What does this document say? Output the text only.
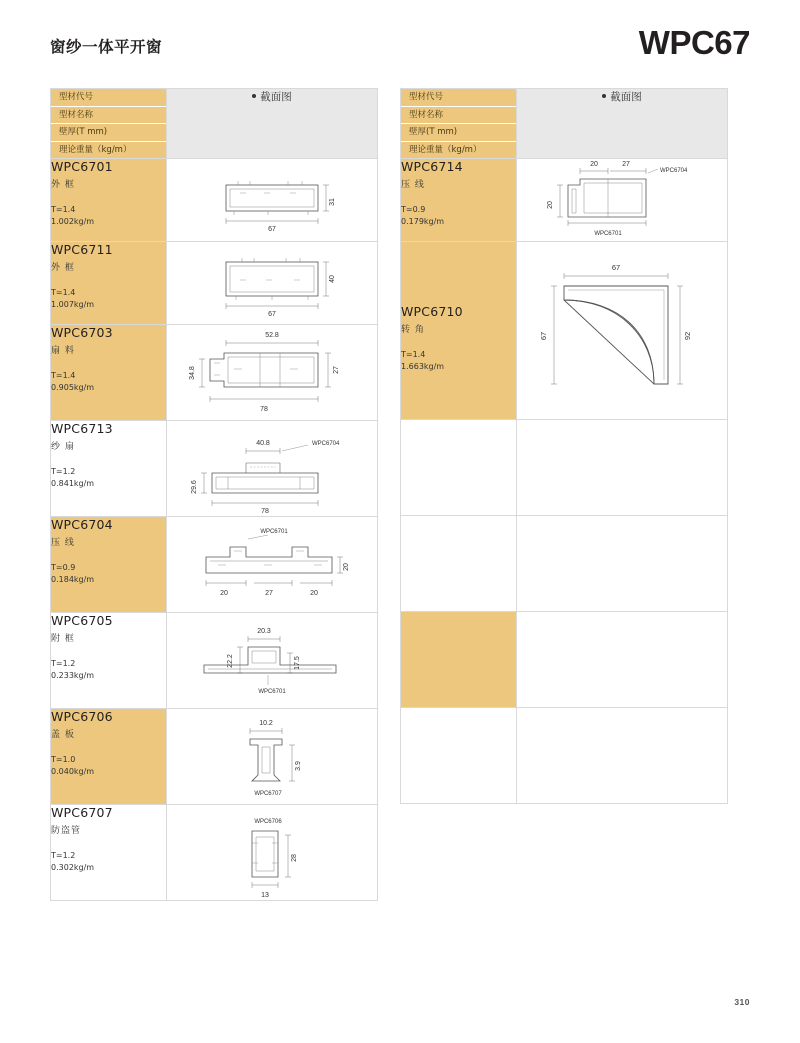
窗纱一体平开窗	WPC67
型材代号
型材名称
壁厚(T mm)
理论重量（kg/m）	截面图

WPC6701
外 框
T=1.4
1.002kg/m

31
67

WPC6711
外 框
T=1.4
1.007kg/m

40
67

WPC6703
扇 料
T=1.4
0.905kg/m

52.8
34.8	27
78

WPC6713
纱 扇
T=1.2
0.841kg/m

40.8	WPC6704
29.6
78

WPC6704
压 线
T=0.9
0.184kg/m

WPC6701
20
20	27	20

WPC6705
附 框
T=1.2
0.233kg/m

20.3
22.2	17.5
WPC6701

WPC6706
盖 板
T=1.0
0.040kg/m

10.2
3.9
WPC6707

WPC6707
防盗管
T=1.2
0.302kg/m

WPC6706
28
13
型材代号
型材名称
壁厚(T mm)
理论重量（kg/m）	截面图

WPC6714
压 线
T=0.9
0.179kg/m

20	27
WPC6704
20
WPC6701

WPC6710
转 角
T=1.4
1.663kg/m

67
67	92

310
